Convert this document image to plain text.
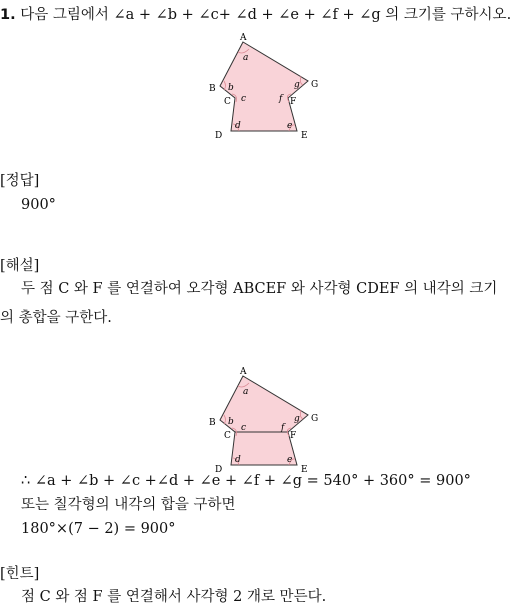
1. 다음 그림에서 ∠a + ∠b + ∠c+ ∠d + ∠e + ∠f + ∠g 의 크기를 구하시오.
A
B
C
D	E
F
G
a
b
c
d	e
f
g
[정답]
900°
[해설]
두 점 C 와 F 를 연결하여 오각형 ABCEF 와 사각형 CDEF 의 내각의 크기
의 총합을 구한다.
A
B
C
D	E
F
G
a
b
c
d	e
f
g
∴ ∠a + ∠b + ∠c +∠d + ∠e + ∠f + ∠g = 540° + 360° = 900°
또는 칠각형의 내각의 합을 구하면
180°×(7 − 2) = 900°
[힌트]
점 C 와 점 F 를 연결해서 사각형 2 개로 만든다.
